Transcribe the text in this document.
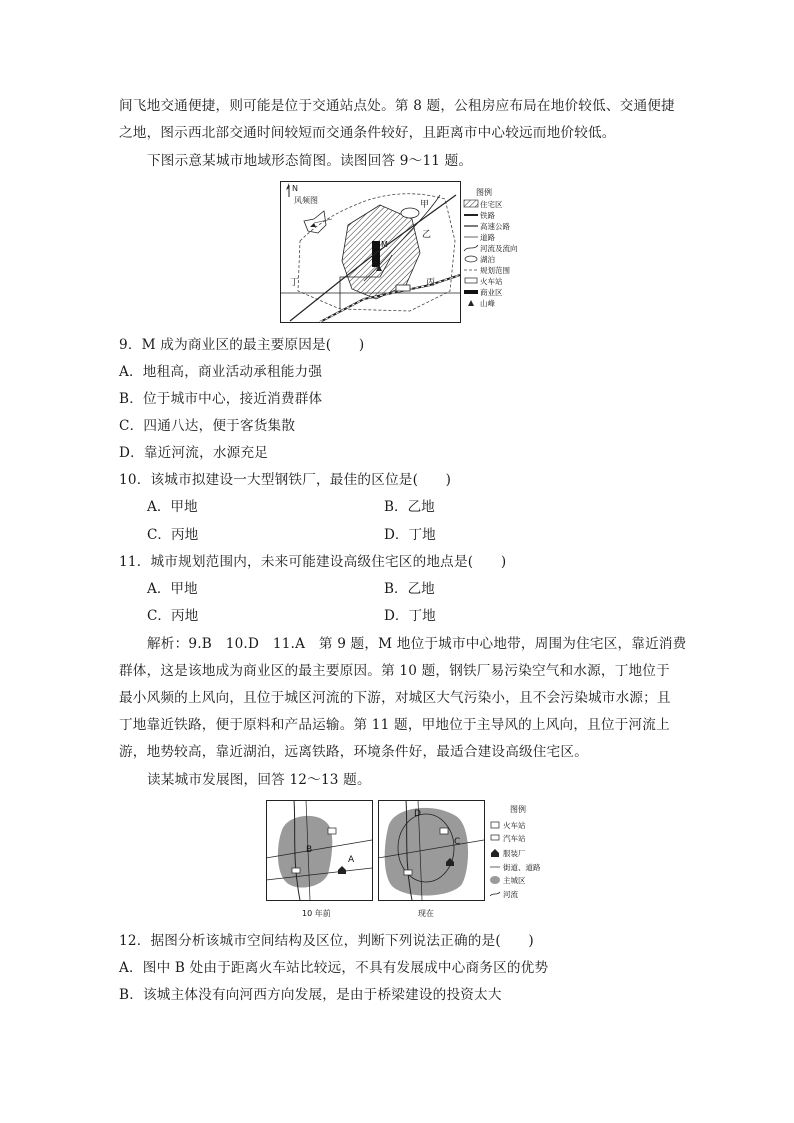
间飞地交通便捷，则可能是位于交通站点处。第 8 题，公租房应布局在地价较低、交通便捷
之地，图示西北部交通时间较短而交通条件较好，且距离市中心较远而地价较低。
下图示意某城市地域形态简图。读图回答 9～11 题。
N
风频图
M
甲
乙
丙
丁
图例
住宅区
铁路
高速公路
道路
河流及流向
湖泊
规划范围
火车站
商业区
山峰
9．M 成为商业区的最主要原因是(　　)
A．地租高，商业活动承租能力强
B．位于城市中心，接近消费群体
C．四通八达，便于客货集散
D．靠近河流，水源充足
10．该城市拟建设一大型钢铁厂，最佳的区位是(　　)
A．甲地	B．乙地
C．丙地	D．丁地
11．城市规划范围内，未来可能建设高级住宅区的地点是(　　)
A．甲地	B．乙地
C．丙地	D．丁地
解析：9.B　10.D　11.A　第 9 题，M 地位于城市中心地带，周围为住宅区，靠近消费
群体，这是该地成为商业区的最主要原因。第 10 题，钢铁厂易污染空气和水源，丁地位于
最小风频的上风向，且位于城区河流的下游，对城区大气污染小，且不会污染城市水源；且
丁地靠近铁路，便于原料和产品运输。第 11 题，甲地位于主导风的上风向，且位于河流上
游，地势较高，靠近湖泊，远离铁路，环境条件好，最适合建设高级住宅区。
读某城市发展图，回答 12～13 题。
B
A
10 年前
D
C
现在
图例
火车站
汽车站
服装厂
街道、道路
主城区
河流
12．据图分析该城市空间结构及区位，判断下列说法正确的是(　　)
A．图中 B 处由于距离火车站比较远，不具有发展成中心商务区的优势
B．该城主体没有向河西方向发展，是由于桥梁建设的投资太大
